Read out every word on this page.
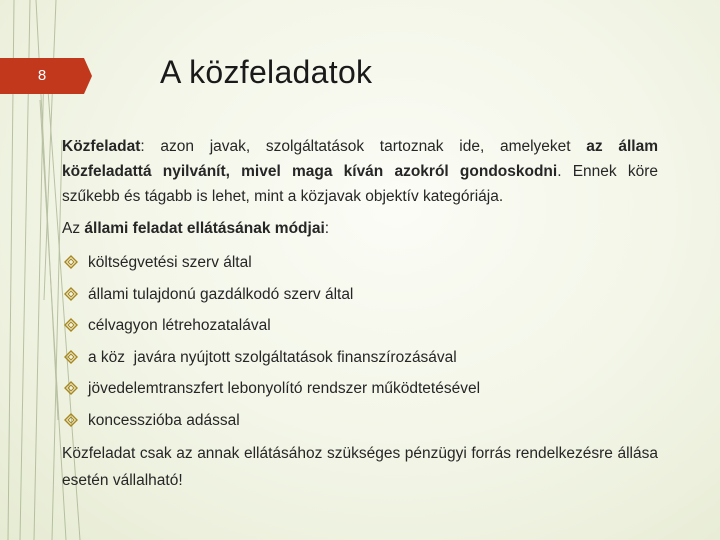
8	A közfeladatok

Közfeladat: azon javak, szolgáltatások tartoznak ide, amelyeket az állam közfeladattá nyilvánít, mivel maga kíván azokról gondoskodni. Ennek köre szűkebb és tágabb is lehet, mint a közjavak objektív kategóriája.

Az állami feladat ellátásának módjai:

költségvetési szerv által
állami tulajdonú gazdálkodó szerv által
célvagyon létrehozatalával
a köz  javára nyújtott szolgáltatások finanszírozásával
jövedelemtranszfert lebonyolító rendszer működtetésével
koncesszióba adással

Közfeladat csak az annak ellátásához szükséges pénzügyi forrás rendelkezésre állása esetén vállalható!
